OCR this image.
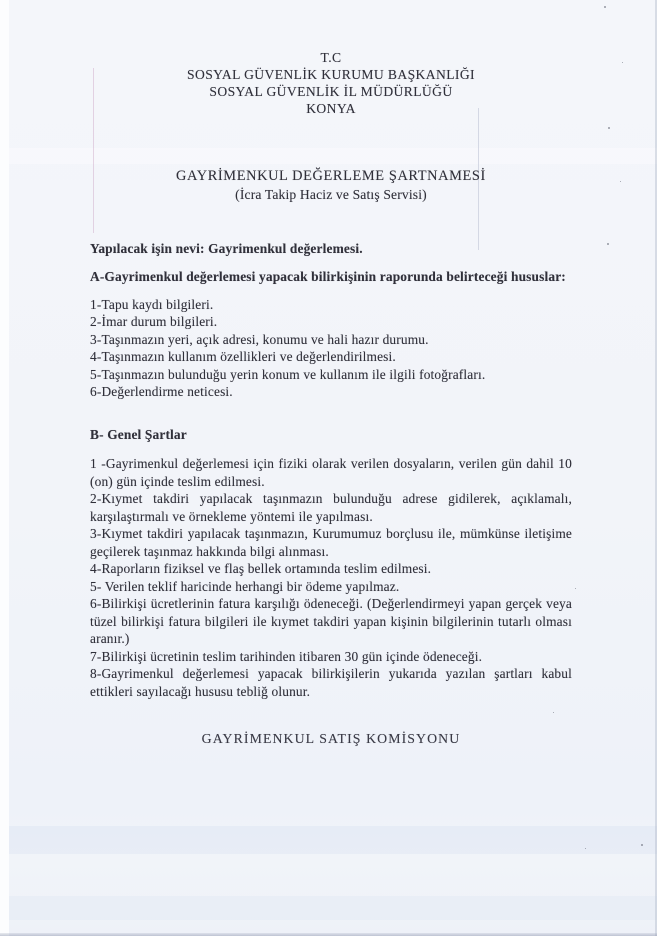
T.C
SOSYAL GÜVENLİK KURUMU BAŞKANLIĞI
SOSYAL GÜVENLİK İL MÜDÜRLÜĞÜ
KONYA
GAYRİMENKUL DEĞERLEME ŞARTNAMESİ
(İcra Takip Haciz ve Satış Servisi)
Yapılacak işin nevi: Gayrimenkul değerlemesi.
A-Gayrimenkul değerlemesi yapacak bilirkişinin raporunda belirteceği hususlar:
1-Tapu kaydı bilgileri.
2-İmar durum bilgileri.
3-Taşınmazın yeri, açık adresi, konumu ve hali hazır durumu.
4-Taşınmazın kullanım özellikleri ve değerlendirilmesi.
5-Taşınmazın bulunduğu yerin konum ve kullanım ile ilgili fotoğrafları.
6-Değerlendirme neticesi.
B- Genel Şartlar

1 -Gayrimenkul değerlemesi için fiziki olarak verilen dosyaların, verilen gün dahil 10 (on) gün içinde teslim edilmesi.

2-Kıymet takdiri yapılacak taşınmazın bulunduğu adrese gidilerek, açıklamalı, karşılaştırmalı ve örnekleme yöntemi ile yapılması.

3-Kıymet takdiri yapılacak taşınmazın, Kurumumuz borçlusu ile, mümkünse iletişime geçilerek taşınmaz hakkında bilgi alınması.

4-Raporların fiziksel ve flaş bellek ortamında teslim edilmesi.

5- Verilen teklif haricinde herhangi bir ödeme yapılmaz.

6-Bilirkişi ücretlerinin fatura karşılığı ödeneceği. (Değerlendirmeyi yapan gerçek veya tüzel bilirkişi fatura bilgileri ile kıymet takdiri yapan kişinin bilgilerinin tutarlı olması aranır.)

7-Bilirkişi ücretinin teslim tarihinden itibaren 30 gün içinde ödeneceği.

8-Gayrimenkul değerlemesi yapacak bilirkişilerin yukarıda yazılan şartları kabul ettikleri sayılacağı hususu tebliğ olunur.

GAYRİMENKUL SATIŞ KOMİSYONU
